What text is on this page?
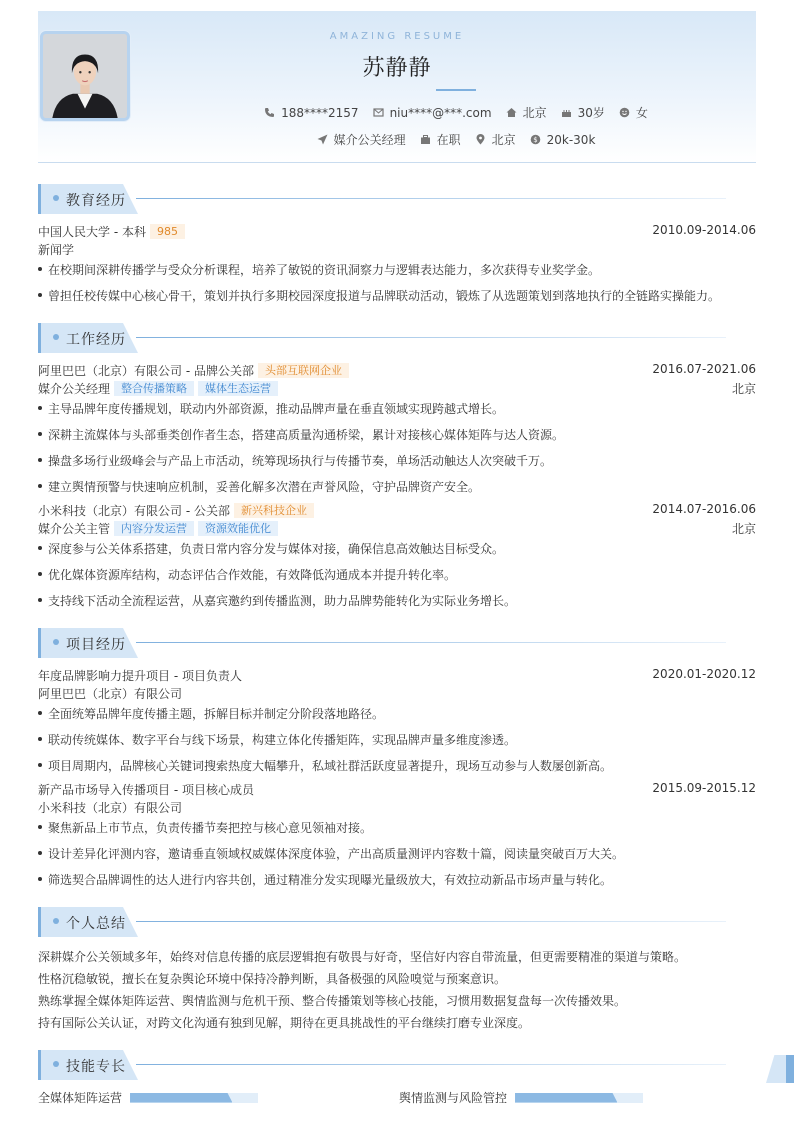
AMAZING RESUME
苏静静
188****2157	niu****@***.com	北京	30岁	女
媒介公关经理	在职	北京 $ 20k-30k
教育经历
中国人民大学 - 本科 985	2010.09-2014.06
新闻学
在校期间深耕传播学与受众分析课程，培养了敏锐的资讯洞察力与逻辑表达能力，多次获得专业奖学金。
曾担任校传媒中心核心骨干，策划并执行多期校园深度报道与品牌联动活动，锻炼了从选题策划到落地执行的全链路实操能力。
工作经历
阿里巴巴（北京）有限公司 - 品牌公关部 头部互联网企业	2016.07-2021.06
媒介公关经理 整合传播策略 媒体生态运营	北京
主导品牌年度传播规划，联动内外部资源，推动品牌声量在垂直领域实现跨越式增长。
深耕主流媒体与头部垂类创作者生态，搭建高质量沟通桥梁，累计对接核心媒体矩阵与达人资源。
操盘多场行业级峰会与产品上市活动，统筹现场执行与传播节奏，单场活动触达人次突破千万。
建立舆情预警与快速响应机制，妥善化解多次潜在声誉风险，守护品牌资产安全。
小米科技（北京）有限公司 - 公关部 新兴科技企业	2014.07-2016.06
媒介公关主管 内容分发运营 资源效能优化	北京
深度参与公关体系搭建，负责日常内容分发与媒体对接，确保信息高效触达目标受众。
优化媒体资源库结构，动态评估合作效能，有效降低沟通成本并提升转化率。
支持线下活动全流程运营，从嘉宾邀约到传播监测，助力品牌势能转化为实际业务增长。
项目经历
年度品牌影响力提升项目 - 项目负责人	2020.01-2020.12
阿里巴巴（北京）有限公司
全面统筹品牌年度传播主题，拆解目标并制定分阶段落地路径。
联动传统媒体、数字平台与线下场景，构建立体化传播矩阵，实现品牌声量多维度渗透。
项目周期内，品牌核心关键词搜索热度大幅攀升，私域社群活跃度显著提升，现场互动参与人数屡创新高。
新产品市场导入传播项目 - 项目核心成员	2015.09-2015.12
小米科技（北京）有限公司
聚焦新品上市节点，负责传播节奏把控与核心意见领袖对接。
设计差异化评测内容，邀请垂直领域权威媒体深度体验，产出高质量测评内容数十篇，阅读量突破百万大关。
筛选契合品牌调性的达人进行内容共创，通过精准分发实现曝光量级放大，有效拉动新品市场声量与转化。
个人总结
深耕媒介公关领域多年，始终对信息传播的底层逻辑抱有敬畏与好奇，坚信好内容自带流量，但更需要精准的渠道与策略。
性格沉稳敏锐，擅长在复杂舆论环境中保持冷静判断，具备极强的风险嗅觉与预案意识。
熟练掌握全媒体矩阵运营、舆情监测与危机干预、整合传播策划等核心技能，习惯用数据复盘每一次传播效果。
持有国际公关认证，对跨文化沟通有独到见解，期待在更具挑战性的平台继续打磨专业深度。
技能专长
全媒体矩阵运营	舆情监测与风险管控
